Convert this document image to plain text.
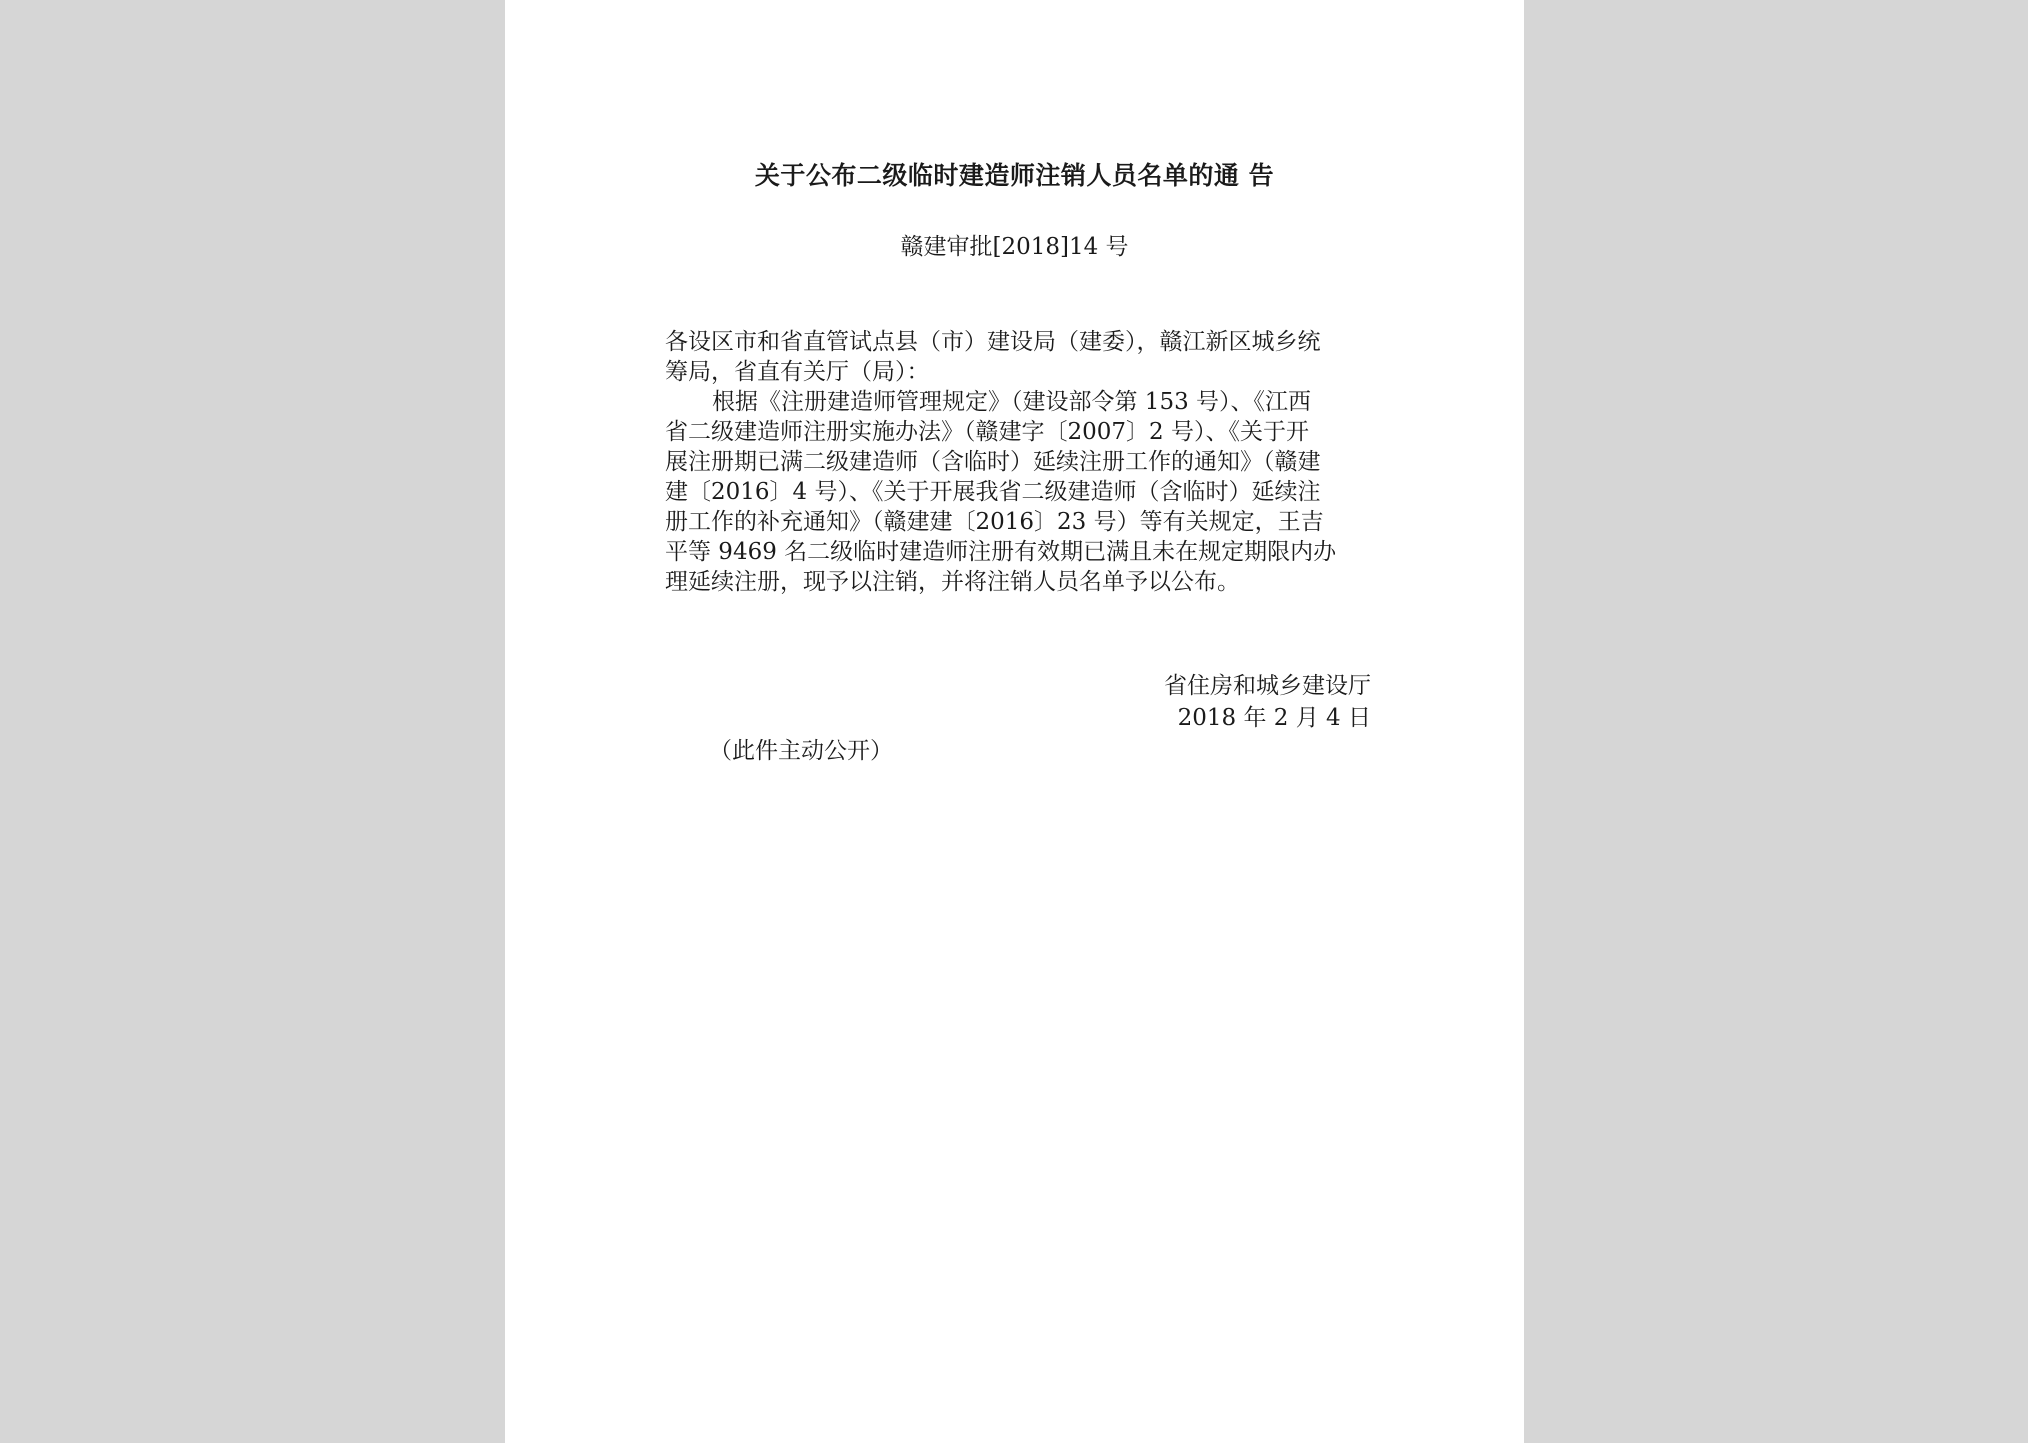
关于公布二级临时建造师注销人员名单的通 告
赣建审批[2018]14 号
各设区市和省直管试点县（市）建设局（建委），赣江新区城乡统
筹局，省直有关厅（局）：
根据《注册建造师管理规定》（建设部令第 153 号）、《江西
省二级建造师注册实施办法》（赣建字〔2007〕2 号）、《关于开
展注册期已满二级建造师（含临时）延续注册工作的通知》（赣建
建〔2016〕4 号）、《关于开展我省二级建造师（含临时）延续注
册工作的补充通知》（赣建建〔2016〕23 号）等有关规定，王吉
平等 9469 名二级临时建造师注册有效期已满且未在规定期限内办
理延续注册，现予以注销，并将注销人员名单予以公布。
省住房和城乡建设厅
2018 年 2 月 4 日
（此件主动公开）
